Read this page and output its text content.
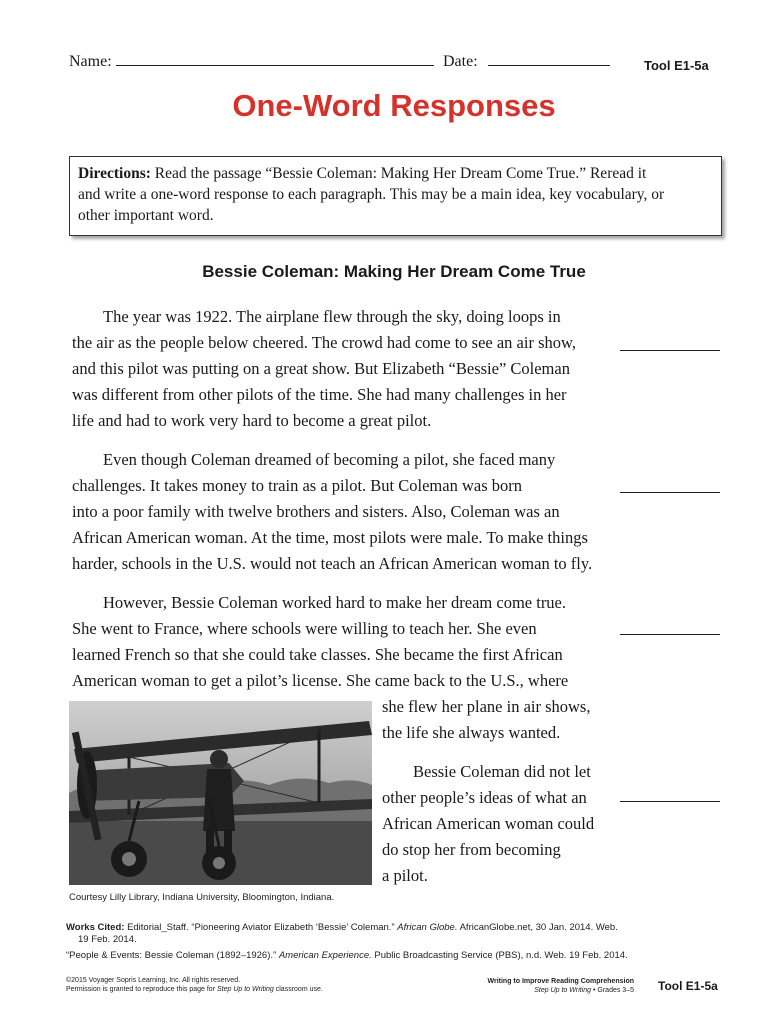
Name:	Date:	Tool E1-5a
One-Word Responses
Directions: Read the passage “Bessie Coleman: Making Her Dream Come True.” Reread it
and write a one-word response to each paragraph. This may be a main idea, key vocabulary, or
other important word.
Bessie Coleman: Making Her Dream Come True
The year was 1922. The airplane flew through the sky, doing loops in
the air as the people below cheered. The crowd had come to see an air show,
and this pilot was putting on a great show. But Elizabeth “Bessie” Coleman
was different from other pilots of the time. She had many challenges in her
life and had to work very hard to become a great pilot.
Even though Coleman dreamed of becoming a pilot, she faced many
challenges. It takes money to train as a pilot. But Coleman was born
into a poor family with twelve brothers and sisters. Also, Coleman was an
African American woman. At the time, most pilots were male. To make things
harder, schools in the U.S. would not teach an African American woman to fly.
However, Bessie Coleman worked hard to make her dream come true.
She went to France, where schools were willing to teach her. She even
learned French so that she could take classes. She became the first African
American woman to get a pilot’s license. She came back to the U.S., where
she flew her plane in air shows,
the life she always wanted.
Bessie Coleman did not let
other people’s ideas of what an
African American woman could
do stop her from becoming
a pilot.
Courtesy Lilly Library, Indiana University, Bloomington, Indiana.
Works Cited: Editorial_Staff. “Pioneering Aviator Elizabeth ‘Bessie’ Coleman.” African Globe. AfricanGlobe.net, 30 Jan. 2014. Web.
19 Feb. 2014.
“People & Events: Bessie Coleman (1892–1926).” American Experience. Public Broadcasting Service (PBS), n.d. Web. 19 Feb. 2014.
©2015 Voyager Sopris Learning, Inc. All rights reserved.
Permission is granted to reproduce this page for Step Up to Writing classroom use.
Writing to Improve Reading Comprehension
Step Up to Writing • Grades 3–5 Tool E1-5a
